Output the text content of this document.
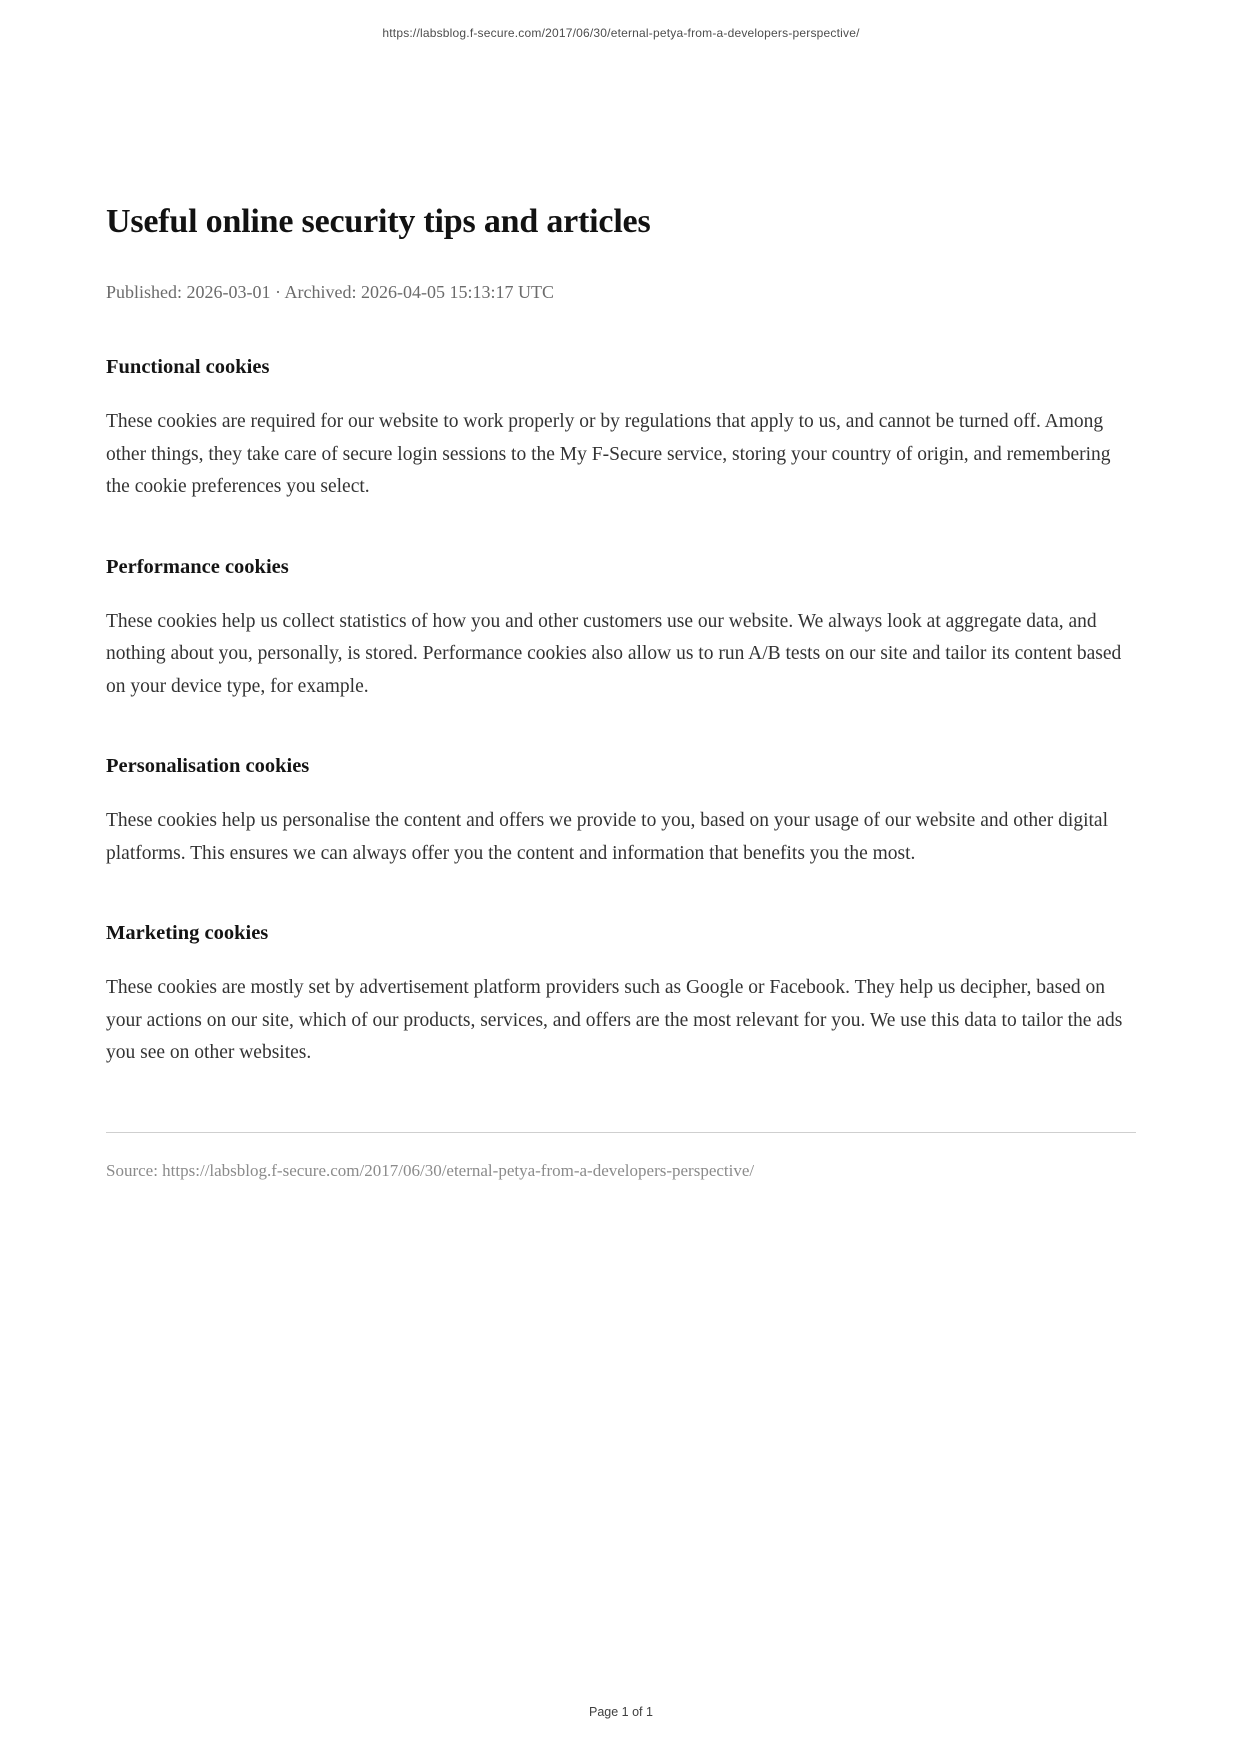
https://labsblog.f-secure.com/2017/06/30/eternal-petya-from-a-developers-perspective/
Useful online security tips and articles
Published: 2026-03-01 · Archived: 2026-04-05 15:13:17 UTC
Functional cookies

These cookies are required for our website to work properly or by regulations that apply to us, and cannot be turned off. Among other things, they take care of secure login sessions to the My F-Secure service, storing your country of origin, and remembering the cookie preferences you select.

Performance cookies

These cookies help us collect statistics of how you and other customers use our website. We always look at aggregate data, and nothing about you, personally, is stored. Performance cookies also allow us to run A/B tests on our site and tailor its content based on your device type, for example.

Personalisation cookies

These cookies help us personalise the content and offers we provide to you, based on your usage of our website and other digital platforms. This ensures we can always offer you the content and information that benefits you the most.

Marketing cookies

These cookies are mostly set by advertisement platform providers such as Google or Facebook. They help us decipher, based on your actions on our site, which of our products, services, and offers are the most relevant for you. We use this data to tailor the ads you see on other websites.

Source: https://labsblog.f-secure.com/2017/06/30/eternal-petya-from-a-developers-perspective/
Page 1 of 1
